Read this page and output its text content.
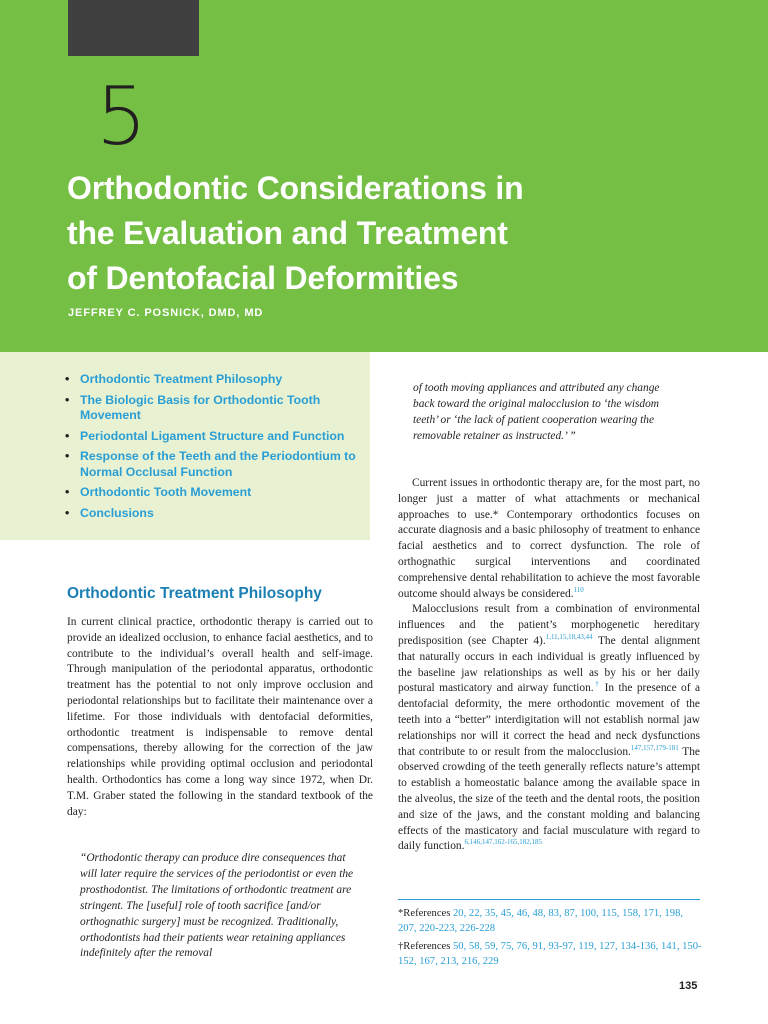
5
Orthodontic Considerations in
the Evaluation and Treatment
of Dentofacial Deformities
JEFFREY C. POSNICK, DMD, MD
• Orthodontic Treatment Philosophy
• The Biologic Basis for Orthodontic Tooth Movement
• Periodontal Ligament Structure and Function
• Response of the Teeth and the Periodontium to Normal Occlusal Function
• Orthodontic Tooth Movement
• Conclusions
Orthodontic Treatment Philosophy

In current clinical practice, orthodontic therapy is carried out to provide an idealized occlusion, to enhance facial aesthetics, and to contribute to the individual’s overall health and self-image. Through manipulation of the periodontal apparatus, orthodontic treatment has the potential to not only improve occlusion and periodontal relationships but to facilitate their maintenance over a lifetime. For those individuals with dentofacial deformities, orthodontic treatment is indispensable to remove dental compensations, thereby allowing for the correction of the jaw relationships while providing optimal occlusion and periodontal health. Orthodontics has come a long way since 1972, when Dr. T.M. Graber stated the following in the standard textbook of the day:

“Orthodontic therapy can produce dire consequences that will later require the services of the periodontist or even the prosthodontist. The limitations of orthodontic treatment are stringent. The [useful] role of tooth sacrifice [and/or orthognathic surgery] must be recognized. Traditionally, orthodontists had their patients wear retaining appliances indefinitely after the removal

of tooth moving appliances and attributed any change back toward the original malocclusion to ‘the wisdom teeth’ or ‘the lack of patient cooperation wearing the removable retainer as instructed.’ ”

Current issues in orthodontic therapy are, for the most part, no longer just a matter of what attachments or mechanical approaches to use.* Contemporary orthodontics focuses on accurate diagnosis and a basic philosophy of treatment to enhance facial aesthetics and to correct dysfunction. The role of orthognathic surgical interventions and coordinated comprehensive dental rehabilitation to achieve the most favorable outcome should always be considered.$^{110}$

Malocclusions result from a combination of environmental influences and the patient’s morphogenetic hereditary predisposition (see Chapter 4).$^{1,11,15,18,43,44}$ The dental alignment that naturally occurs in each individual is greatly influenced by the baseline jaw relationships as well as by his or her daily postural masticatory and airway function.† In the presence of a dentofacial deformity, the mere orthodontic movement of the teeth into a “better” interdigitation will not establish normal jaw relationships nor will it correct the head and neck dysfunctions that contribute to or result from the malocclusion.$^{147,157,179-181}$ The observed crowding of the teeth generally reflects nature’s attempt to establish a homeostatic balance among the available space in the alveolus, the size of the teeth and the dental roots, the position and size of the jaws, and the constant molding and balancing effects of the masticatory and facial musculature with regard to daily function.$^{6,146,147,162-165,182,185}$

*References 20, 22, 35, 45, 46, 48, 83, 87, 100, 115, 158, 171, 198, 207, 220-223, 226-228

†References 50, 58, 59, 75, 76, 91, 93-97, 119, 127, 134-136, 141, 150-152, 167, 213, 216, 229

135
